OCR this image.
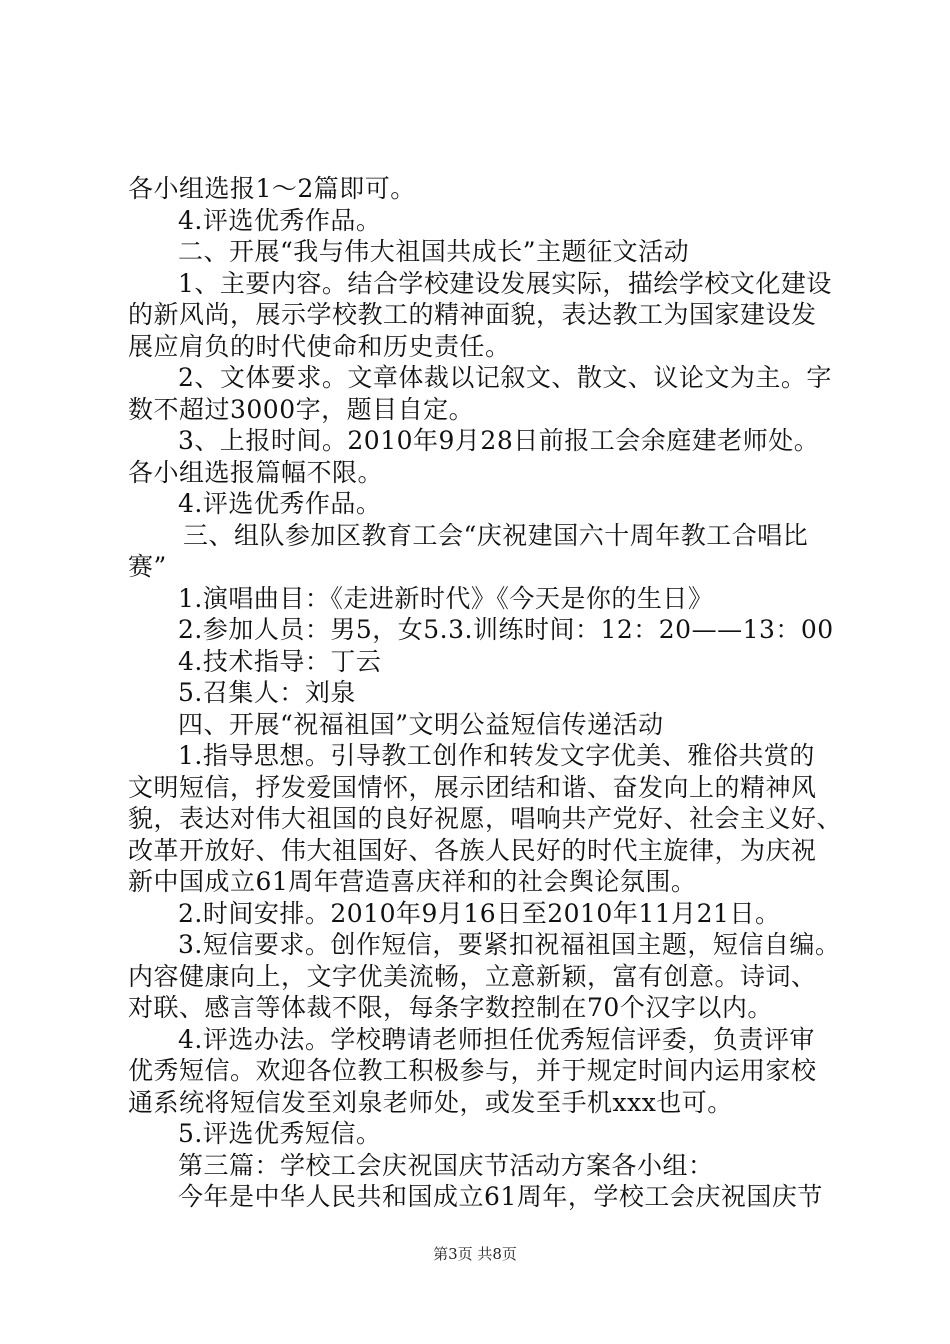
各小组选报1～2篇即可。
4.评选优秀作品。
二、开展“我与伟大祖国共成长”主题征文活动
1、主要内容。结合学校建设发展实际，描绘学校文化建设
的新风尚，展示学校教工的精神面貌，表达教工为国家建设发
展应肩负的时代使命和历史责任。
2、文体要求。文章体裁以记叙文、散文、议论文为主。字
数不超过3000字，题目自定。
3、上报时间。2010年9月28日前报工会余庭建老师处。
各小组选报篇幅不限。
4.评选优秀作品。
三、组队参加区教育工会“庆祝建国六十周年教工合唱比
赛”
1.演唱曲目：《走进新时代》《今天是你的生日》
2.参加人员：男5，女5.3.训练时间：12：20——13：00
4.技术指导：丁云
5.召集人：刘泉
四、开展“祝福祖国”文明公益短信传递活动
1.指导思想。引导教工创作和转发文字优美、雅俗共赏的
文明短信，抒发爱国情怀，展示团结和谐、奋发向上的精神风
貌，表达对伟大祖国的良好祝愿，唱响共产党好、社会主义好、
改革开放好、伟大祖国好、各族人民好的时代主旋律，为庆祝
新中国成立61周年营造喜庆祥和的社会舆论氛围。
2.时间安排。2010年9月16日至2010年11月21日。
3.短信要求。创作短信，要紧扣祝福祖国主题，短信自编。
内容健康向上，文字优美流畅，立意新颖，富有创意。诗词、
对联、感言等体裁不限，每条字数控制在70个汉字以内。
4.评选办法。学校聘请老师担任优秀短信评委，负责评审
优秀短信。欢迎各位教工积极参与，并于规定时间内运用家校
通系统将短信发至刘泉老师处，或发至手机xxx也可。
5.评选优秀短信。
第三篇：学校工会庆祝国庆节活动方案各小组：
今年是中华人民共和国成立61周年，学校工会庆祝国庆节
第3页 共8页
